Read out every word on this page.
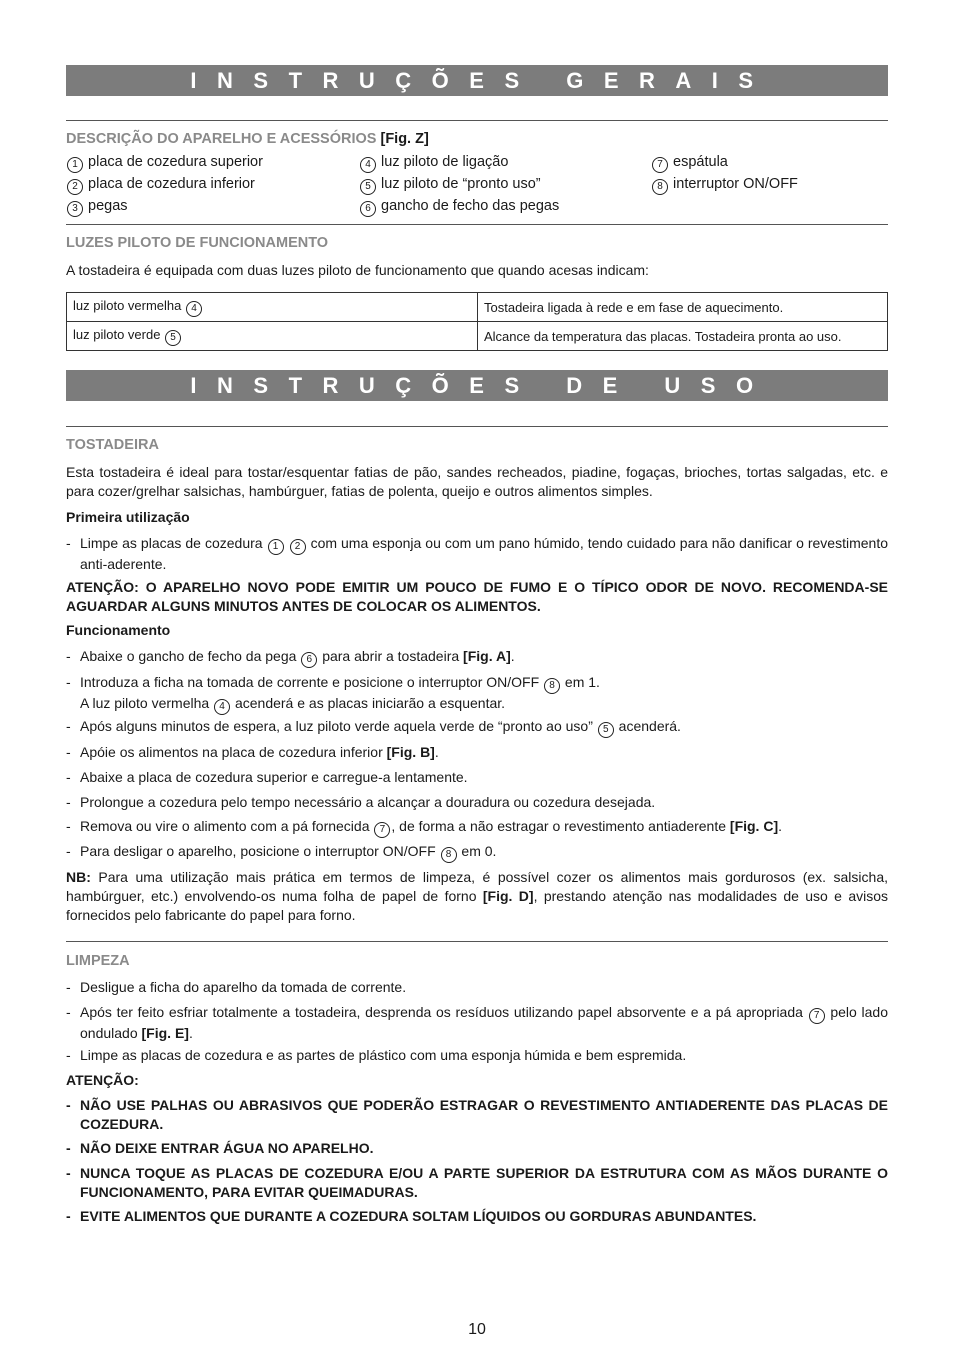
INSTRUÇÕES GERAIS
DESCRIÇÃO DO APARELHO E ACESSÓRIOS [Fig. Z]
1 placa de cozedura superior
2 placa de cozedura inferior
3 pegas
4 luz piloto de ligação
5 luz piloto de “pronto uso”
6 gancho de fecho das pegas
7 espátula
8 interruptor ON/OFF
LUZES PILOTO DE FUNCIONAMENTO
A tostadeira é equipada com duas luzes piloto de funcionamento que quando acesas indicam:
luz piloto vermelha 4	Tostadeira ligada à rede e em fase de aquecimento.
luz piloto verde 5	Alcance da temperatura das placas. Tostadeira pronta ao uso.
INSTRUÇÕES DE USO
TOSTADEIRA
Esta tostadeira é ideal para tostar/esquentar fatias de pão, sandes recheados, piadine, fogaças, brioches, tortas salgadas, etc. e para cozer/grelhar salsichas, hambúrguer, fatias de polenta, queijo e outros alimentos simples.
Primeira utilização
- Limpe as placas de cozedura 1 2 com uma esponja ou com um pano húmido, tendo cuidado para não danificar o revestimento anti-aderente.
ATENÇÃO: O APARELHO NOVO PODE EMITIR UM POUCO DE FUMO E O TÍPICO ODOR DE NOVO. RECOMENDA-SE AGUARDAR ALGUNS MINUTOS ANTES DE COLOCAR OS ALIMENTOS.
Funcionamento
- Abaixe o gancho de fecho da pega 6 para abrir a tostadeira [Fig. A].
- Introduza a ficha na tomada de corrente e posicione o interruptor ON/OFF 8 em 1.
A luz piloto vermelha 4 acenderá e as placas iniciarão a esquentar.
- Após alguns minutos de espera, a luz piloto verde aquela verde de “pronto ao uso” 5 acenderá.
- Apóie os alimentos na placa de cozedura inferior [Fig. B].
- Abaixe a placa de cozedura superior e carregue-a lentamente.
- Prolongue a cozedura pelo tempo necessário a alcançar a douradura ou cozedura desejada.
- Remova ou vire o alimento com a pá fornecida 7 , de forma a não estragar o revestimento antiaderente [Fig. C].
- Para desligar o aparelho, posicione o interruptor ON/OFF 8 em 0.
NB: Para uma utilização mais prática em termos de limpeza, é possível cozer os alimentos mais gordurosos (ex. salsicha, hambúrguer, etc.) envolvendo-os numa folha de papel de forno [Fig. D], prestando atenção nas modalidades de uso e avisos fornecidos pelo fabricante do papel para forno.
LIMPEZA
- Desligue a ficha do aparelho da tomada de corrente.
- Após ter feito esfriar totalmente a tostadeira, desprenda os resíduos utilizando papel absorvente e a pá apropriada 7 pelo lado ondulado [Fig. E].
- Limpe as placas de cozedura e as partes de plástico com uma esponja húmida e bem espremida.
ATENÇÃO:
- NÃO USE PALHAS OU ABRASIVOS QUE PODERÃO ESTRAGAR O REVESTIMENTO ANTIADERENTE DAS PLACAS DE COZEDURA.
- NÃO DEIXE ENTRAR ÁGUA NO APARELHO.
- NUNCA TOQUE AS PLACAS DE COZEDURA E/OU A PARTE SUPERIOR DA ESTRUTURA COM AS MÃOS DURANTE O FUNCIONAMENTO, PARA EVITAR QUEIMADURAS.
- EVITE ALIMENTOS QUE DURANTE A COZEDURA SOLTAM LÍQUIDOS OU GORDURAS ABUNDANTES.
10
